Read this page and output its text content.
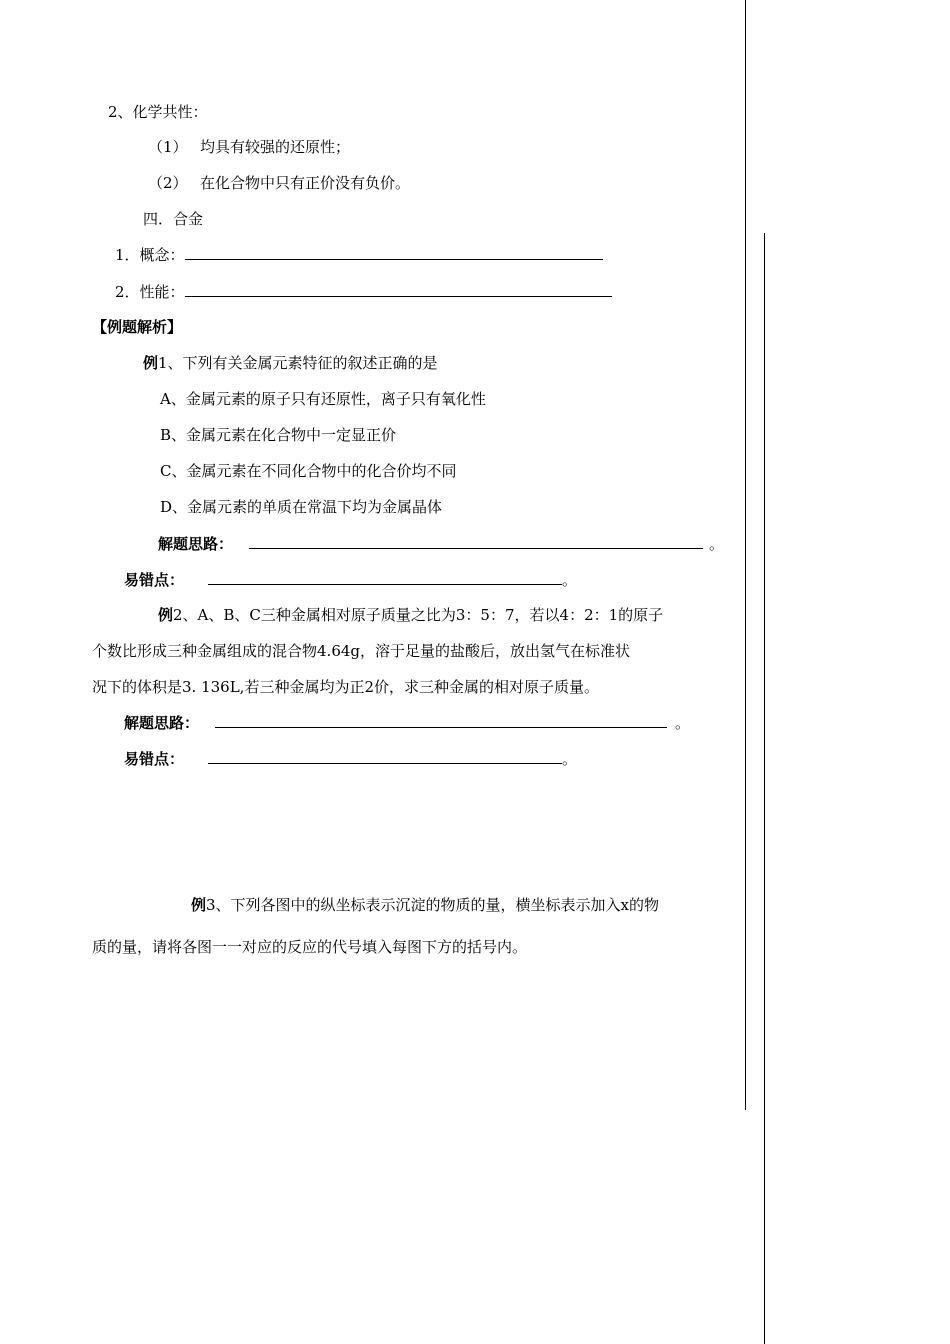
2、化学共性：
（1） 均具有较强的还原性；
（2） 在化合物中只有正价没有负价。
四．合金
1．概念：
2．性能：
【例题解析】
例1、下列有关金属元素特征的叙述正确的是
A、金属元素的原子只有还原性，离子只有氧化性
B、金属元素在化合物中一定显正价
C、金属元素在不同化合物中的化合价均不同
D、金属元素的单质在常温下均为金属晶体
解题思路：	。
易错点：	。
例2、A、B、C三种金属相对原子质量之比为3：5：7，若以4：2：1的原子
个数比形成三种金属组成的混合物4.64g，溶于足量的盐酸后，放出氢气在标准状
况下的体积是3. 136L,若三种金属均为正2价，求三种金属的相对原子质量。
解题思路：	。
易错点：	。
例3、下列各图中的纵坐标表示沉淀的物质的量，横坐标表示加入x的物
质的量，请将各图一一对应的反应的代号填入每图下方的括号内。
